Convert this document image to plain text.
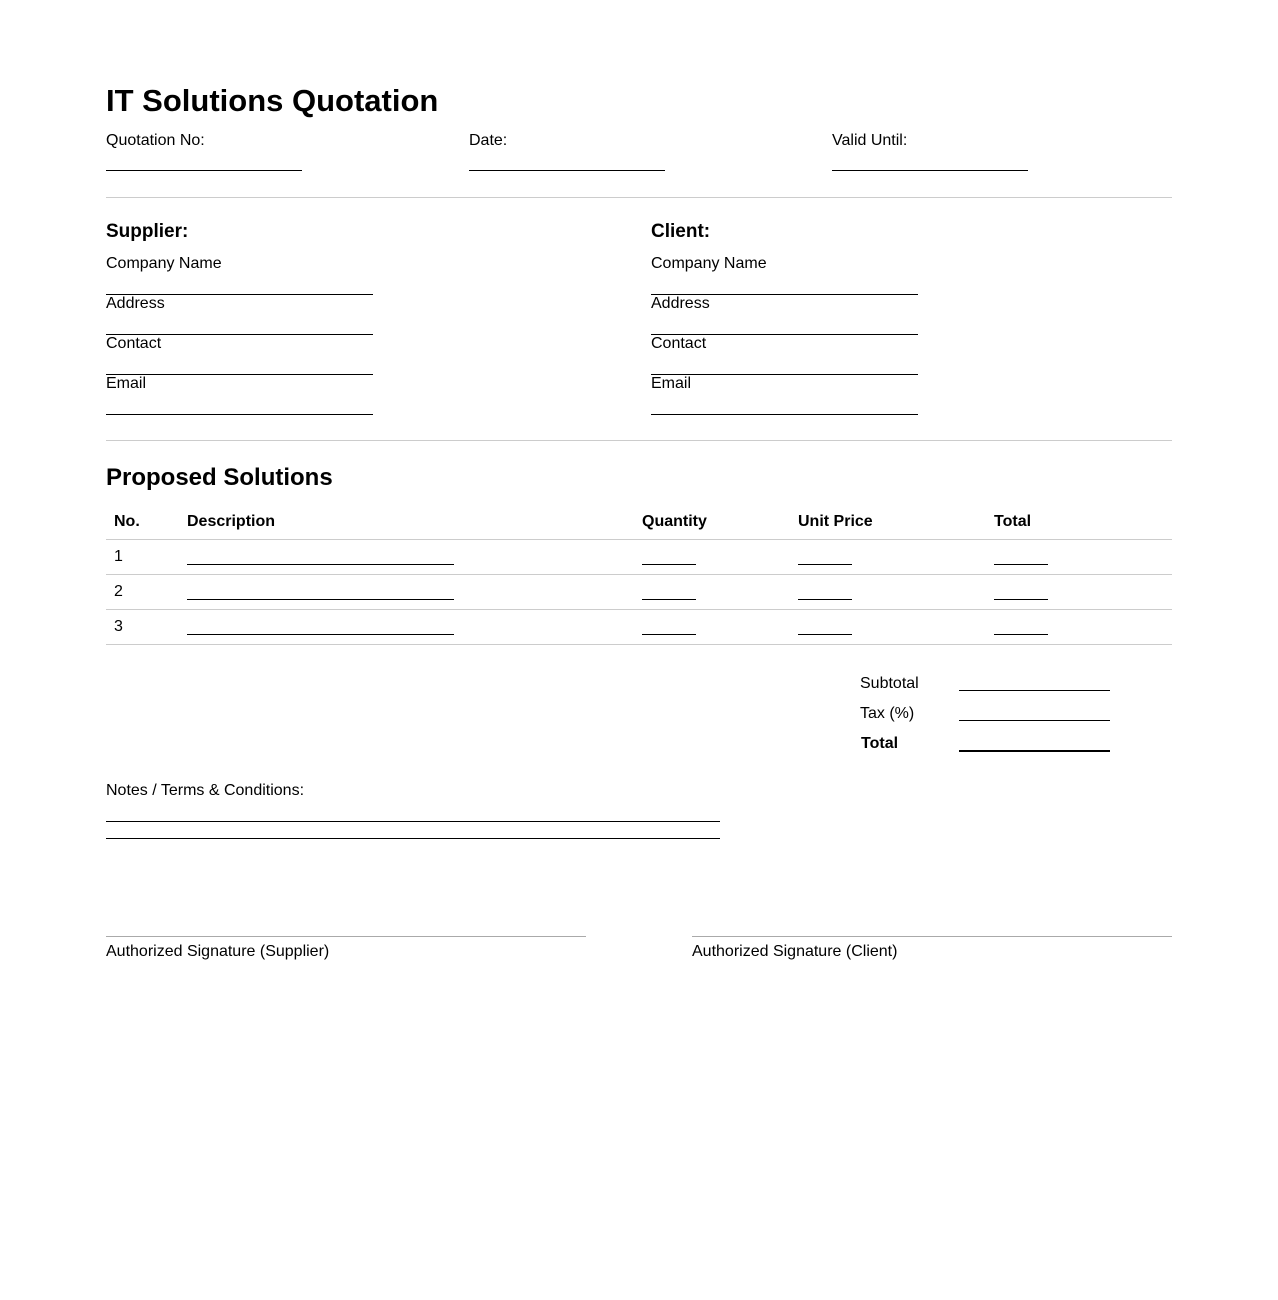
IT Solutions Quotation
Quotation No:	Date:	Valid Until:
Supplier:
Company Name
Address
Contact
Email
Client:
Company Name
Address
Contact
Email
Proposed Solutions
No.	Description	Quantity	Unit Price	Total
1				
2				
3				
Subtotal
Tax (%)
Total
Notes / Terms & Conditions:
Authorized Signature (Supplier)	Authorized Signature (Client)
